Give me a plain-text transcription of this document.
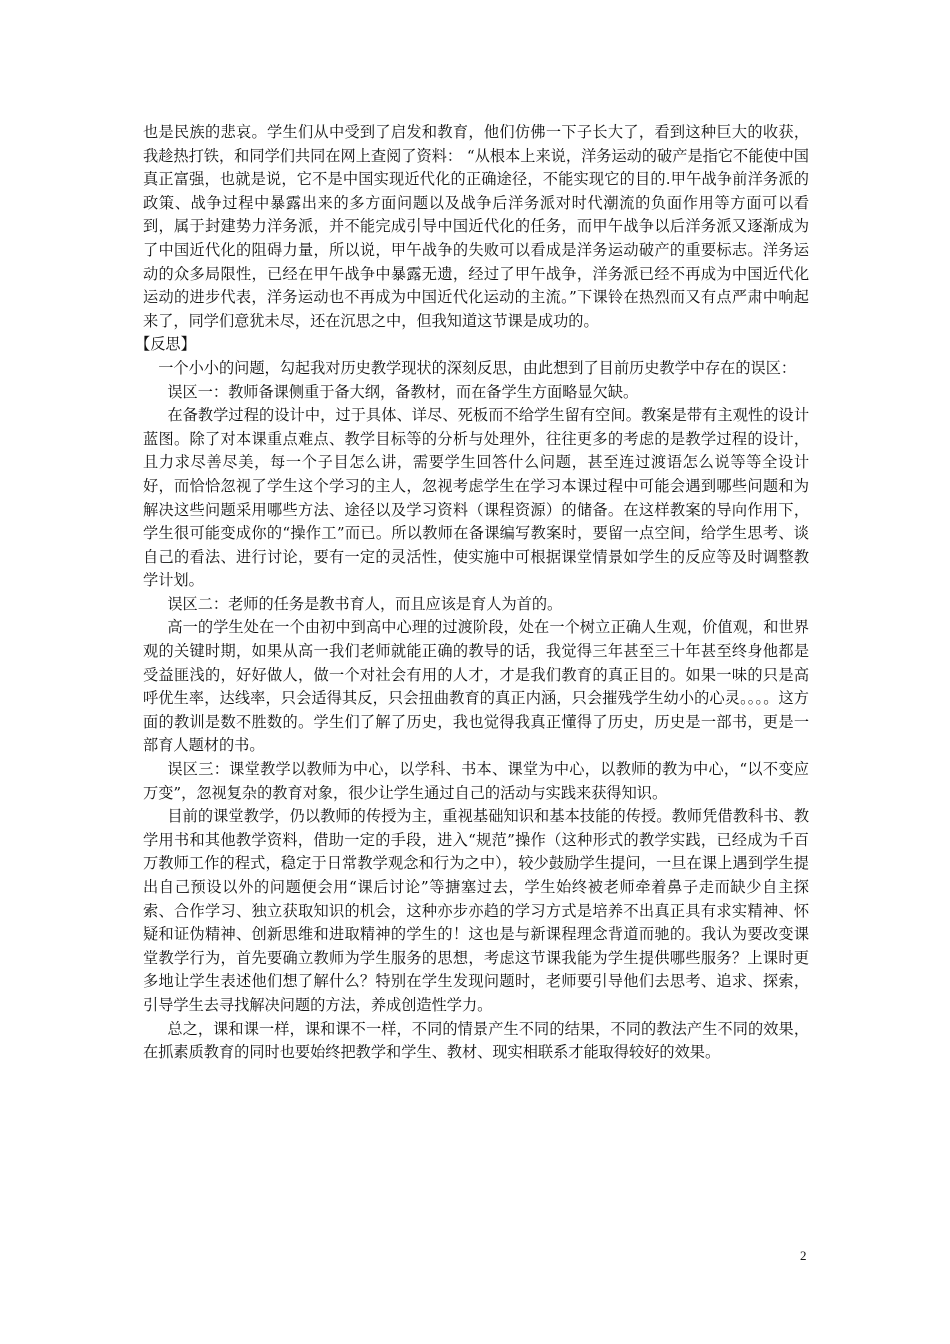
也是民族的悲哀。学生们从中受到了启发和教育，他们仿佛一下子长大了，看到这种巨大的收获，我趁热打铁，和同学们共同在网上查阅了资料： “从根本上来说，洋务运动的破产是指它不能使中国真正富强，也就是说，它不是中国实现近代化的正确途径，不能实现它的目的.甲午战争前洋务派的政策、战争过程中暴露出来的多方面问题以及战争后洋务派对时代潮流的负面作用等方面可以看到，属于封建势力洋务派，并不能完成引导中国近代化的任务，而甲午战争以后洋务派又逐渐成为了中国近代化的阻碍力量，所以说，甲午战争的失败可以看成是洋务运动破产的重要标志。洋务运动的众多局限性，已经在甲午战争中暴露无遗，经过了甲午战争，洋务派已经不再成为中国近代化运动的进步代表，洋务运动也不再成为中国近代化运动的主流。”下课铃在热烈而又有点严肃中响起来了，同学们意犹未尽，还在沉思之中，但我知道这节课是成功的。

【反思】

一个小小的问题，勾起我对历史教学现状的深刻反思，由此想到了目前历史教学中存在的误区：

误区一：教师备课侧重于备大纲，备教材，而在备学生方面略显欠缺。

在备教学过程的设计中，过于具体、详尽、死板而不给学生留有空间。教案是带有主观性的设计蓝图。除了对本课重点难点、教学目标等的分析与处理外，往往更多的考虑的是教学过程的设计，且力求尽善尽美，每一个子目怎么讲，需要学生回答什么问题，甚至连过渡语怎么说等等全设计好，而恰恰忽视了学生这个学习的主人，忽视考虑学生在学习本课过程中可能会遇到哪些问题和为解决这些问题采用哪些方法、途径以及学习资料（课程资源）的储备。在这样教案的导向作用下，学生很可能变成你的“操作工”而已。所以教师在备课编写教案时，要留一点空间，给学生思考、谈自己的看法、进行讨论，要有一定的灵活性，使实施中可根据课堂情景如学生的反应等及时调整教学计划。

误区二：老师的任务是教书育人，而且应该是育人为首的。

高一的学生处在一个由初中到高中心理的过渡阶段，处在一个树立正确人生观，价值观，和世界观的关键时期，如果从高一我们老师就能正确的教导的话，我觉得三年甚至三十年甚至终身他都是受益匪浅的，好好做人，做一个对社会有用的人才，才是我们教育的真正目的。如果一味的只是高呼优生率，达线率，只会适得其反，只会扭曲教育的真正内涵，只会摧残学生幼小的心灵。。。。这方面的教训是数不胜数的。学生们了解了历史，我也觉得我真正懂得了历史，历史是一部书，更是一部育人题材的书。

误区三：课堂教学以教师为中心，以学科、书本、课堂为中心，以教师的教为中心，“以不变应万变”，忽视复杂的教育对象，很少让学生通过自己的活动与实践来获得知识。

目前的课堂教学，仍以教师的传授为主，重视基础知识和基本技能的传授。教师凭借教科书、教学用书和其他教学资料，借助一定的手段，进入“规范”操作（这种形式的教学实践，已经成为千百万教师工作的程式，稳定于日常教学观念和行为之中），较少鼓励学生提问，一旦在课上遇到学生提出自己预设以外的问题便会用“课后讨论”等搪塞过去，学生始终被老师牵着鼻子走而缺少自主探索、合作学习、独立获取知识的机会，这种亦步亦趋的学习方式是培养不出真正具有求实精神、怀疑和证伪精神、创新思维和进取精神的学生的！这也是与新课程理念背道而驰的。我认为要改变课堂教学行为，首先要确立教师为学生服务的思想，考虑这节课我能为学生提供哪些服务？上课时更多地让学生表述他们想了解什么？特别在学生发现问题时，老师要引导他们去思考、追求、探索，引导学生去寻找解决问题的方法，养成创造性学力。

总之，课和课一样，课和课不一样，不同的情景产生不同的结果，不同的教法产生不同的效果，在抓素质教育的同时也要始终把教学和学生、教材、现实相联系才能取得较好的效果。

2
